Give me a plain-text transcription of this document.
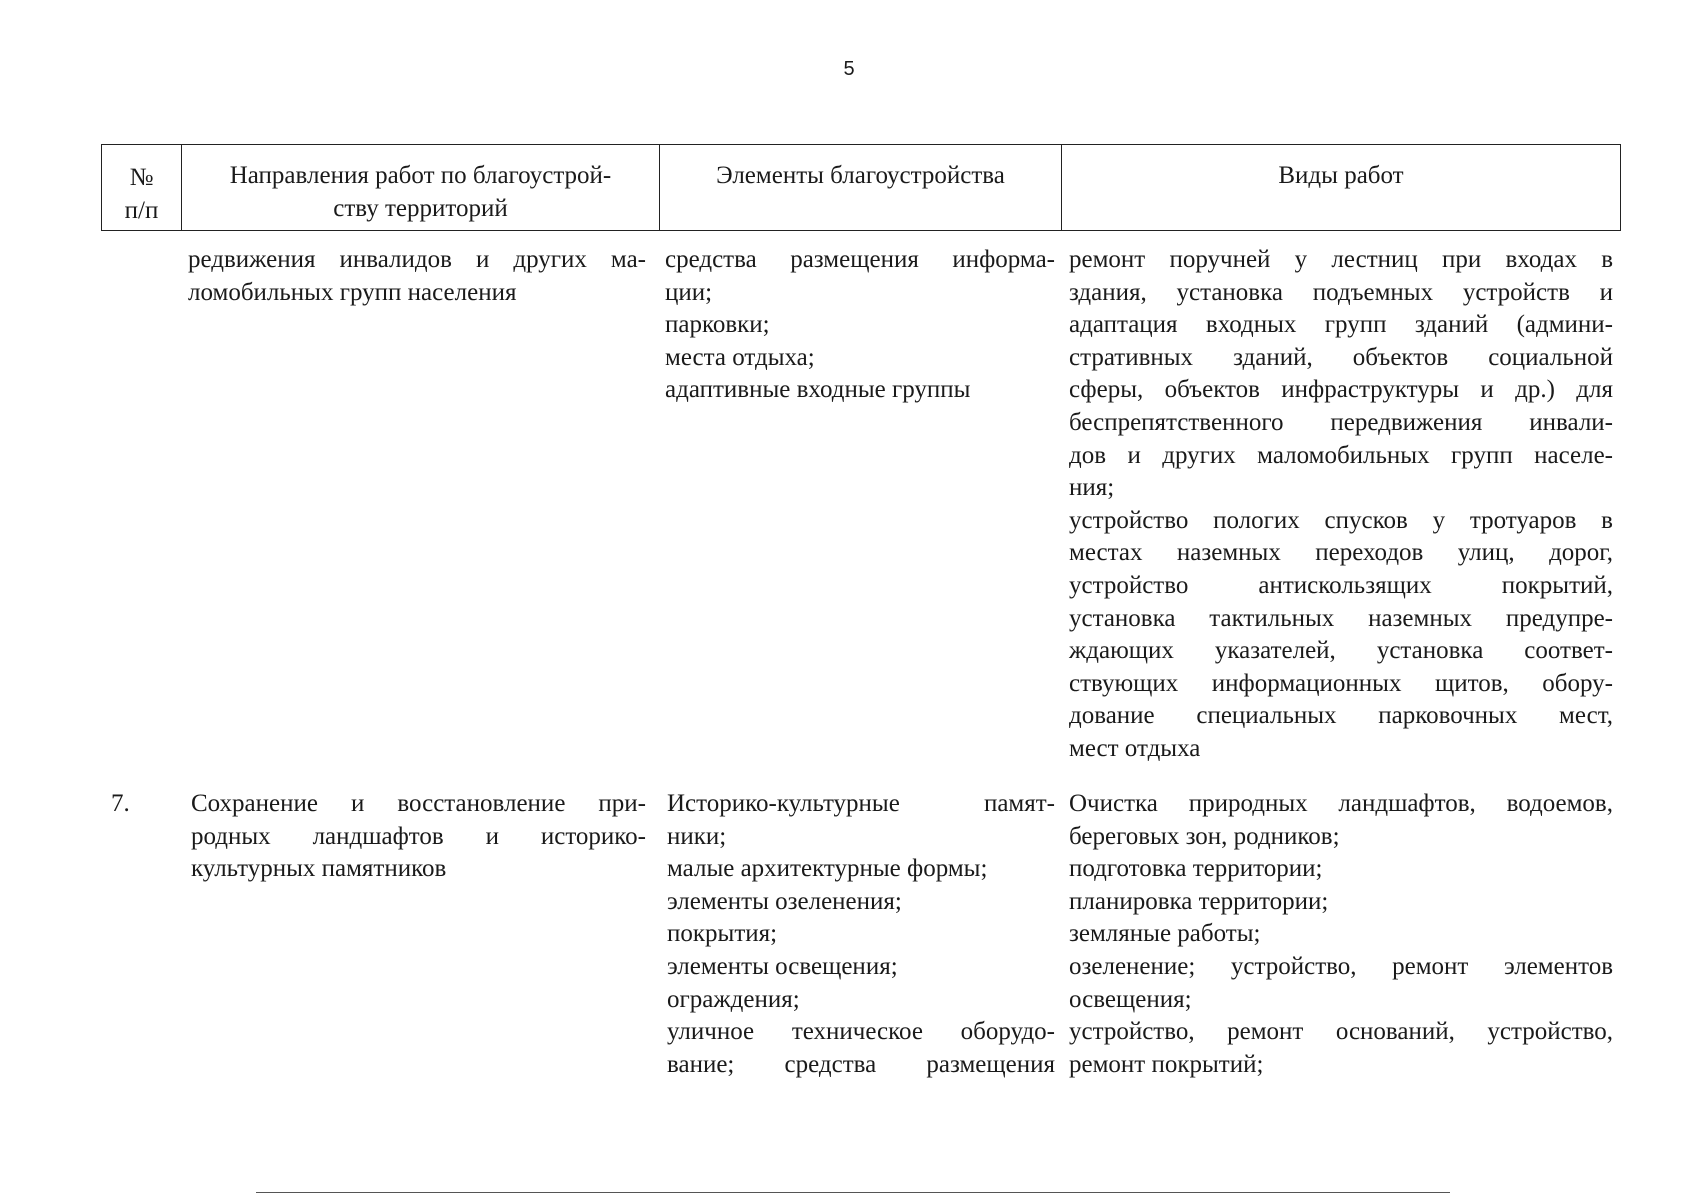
5
№
п/п
Направления работ по благоустрой-
ству территорий
Элементы благоустройства	Виды работ
редвижения инвалидов и других ма-
ломобильных групп населения
средства размещения информа-
ции;
парковки;
места отдыха;
адаптивные входные группы
ремонт поручней у лестниц при входах в
здания, установка подъемных устройств и
адаптация входных групп зданий (админи-
стративных зданий, объектов социальной
сферы, объектов инфраструктуры и др.) для
беспрепятственного передвижения инвали-
дов и других маломобильных групп населе-
ния;
устройство пологих спусков у тротуаров в
местах наземных переходов улиц, дорог,
устройство антискользящих покрытий,
установка тактильных наземных предупре-
ждающих указателей, установка соответ-
ствующих информационных щитов, обору-
дование специальных парковочных мест,
мест отдыха
7. Сохранение и восстановление при-
родных ландшафтов и историко-
культурных памятников
Историко-культурные памят-
ники;
малые архитектурные формы;
элементы озеленения;
покрытия;
элементы освещения;
ограждения;
уличное техническое оборудо-
вание; средства размещения
Очистка природных ландшафтов, водоемов,
береговых зон, родников;
подготовка территории;
планировка территории;
земляные работы;
озеленение; устройство, ремонт элементов
освещения;
устройство, ремонт оснований, устройство,
ремонт покрытий;
